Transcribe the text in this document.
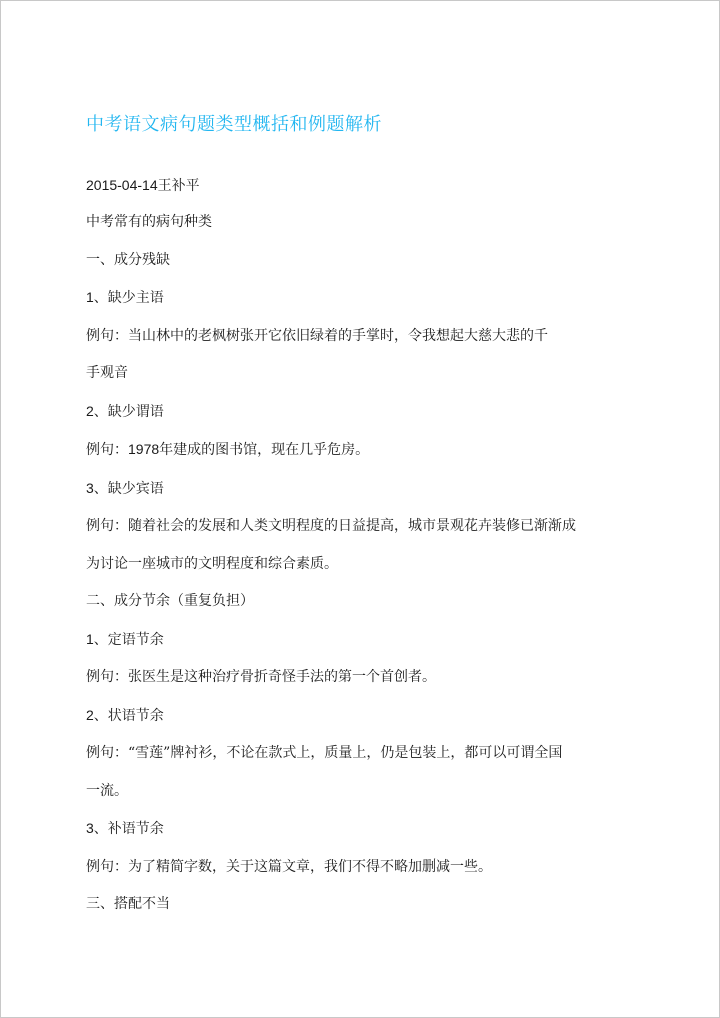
中考语文病句题类型概括和例题解析
2015-04-14王补平

中考常有的病句种类

一、成分残缺

1、缺少主语

例句：当山林中的老枫树张开它依旧绿着的手掌时，令我想起大慈大悲的千

手观音

2、缺少谓语

例句：1978年建成的图书馆，现在几乎危房。

3、缺少宾语

例句：随着社会的发展和人类文明程度的日益提高，城市景观花卉装修已渐渐成

为讨论一座城市的文明程度和综合素质。

二、成分节余（重复负担）

1、定语节余

例句：张医生是这种治疗骨折奇怪手法的第一个首创者。

2、状语节余

例句：“雪莲”牌衬衫，不论在款式上，质量上，仍是包装上，都可以可谓全国

一流。

3、补语节余

例句：为了精简字数，关于这篇文章，我们不得不略加删减一些。

三、搭配不当
